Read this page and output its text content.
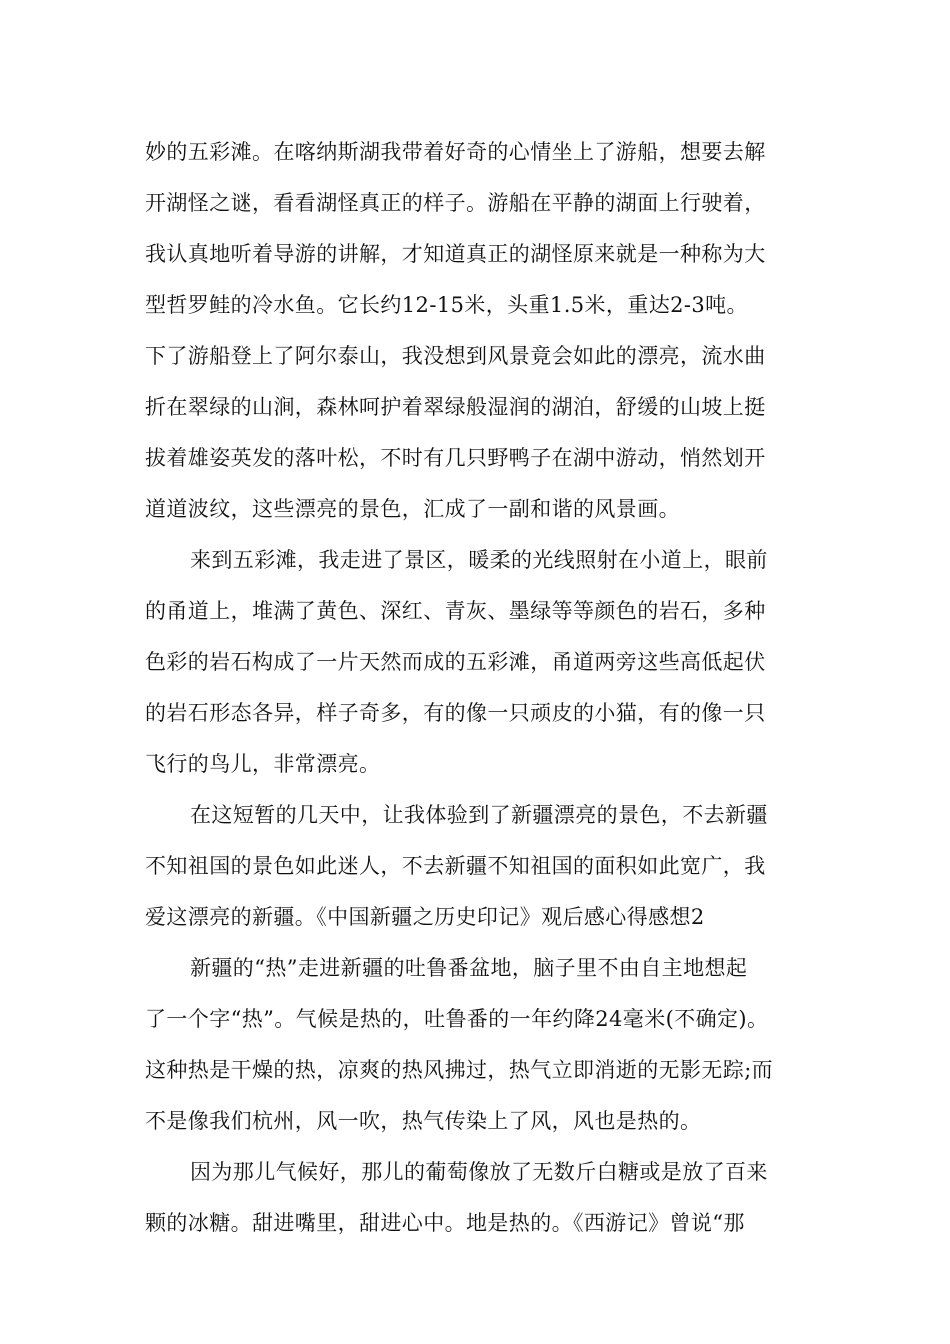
妙的五彩滩。在喀纳斯湖我带着好奇的心情坐上了游船，想要去解
开湖怪之谜，看看湖怪真正的样子。游船在平静的湖面上行驶着，
我认真地听着导游的讲解，才知道真正的湖怪原来就是一种称为大
型哲罗鲑的冷水鱼。它长约12-15米，头重1.5米，重达2-3吨。
下了游船登上了阿尔泰山，我没想到风景竟会如此的漂亮，流水曲
折在翠绿的山涧，森林呵护着翠绿般湿润的湖泊，舒缓的山坡上挺
拔着雄姿英发的落叶松，不时有几只野鸭子在湖中游动，悄然划开
道道波纹，这些漂亮的景色，汇成了一副和谐的风景画。
来到五彩滩，我走进了景区，暖柔的光线照射在小道上，眼前
的甬道上，堆满了黄色、深红、青灰、墨绿等等颜色的岩石，多种
色彩的岩石构成了一片天然而成的五彩滩，甬道两旁这些高低起伏
的岩石形态各异，样子奇多，有的像一只顽皮的小猫，有的像一只
飞行的鸟儿，非常漂亮。
在这短暂的几天中，让我体验到了新疆漂亮的景色，不去新疆
不知祖国的景色如此迷人，不去新疆不知祖国的面积如此宽广，我
爱这漂亮的新疆。《中国新疆之历史印记》观后感心得感想2
新疆的“热”走进新疆的吐鲁番盆地，脑子里不由自主地想起
了一个字“热”。气候是热的，吐鲁番的一年约降24毫米(不确定)。
这种热是干燥的热，凉爽的热风拂过，热气立即消逝的无影无踪;而
不是像我们杭州，风一吹，热气传染上了风，风也是热的。
因为那儿气候好，那儿的葡萄像放了无数斤白糖或是放了百来
颗的冰糖。甜进嘴里，甜进心中。地是热的。《西游记》曾说“那
